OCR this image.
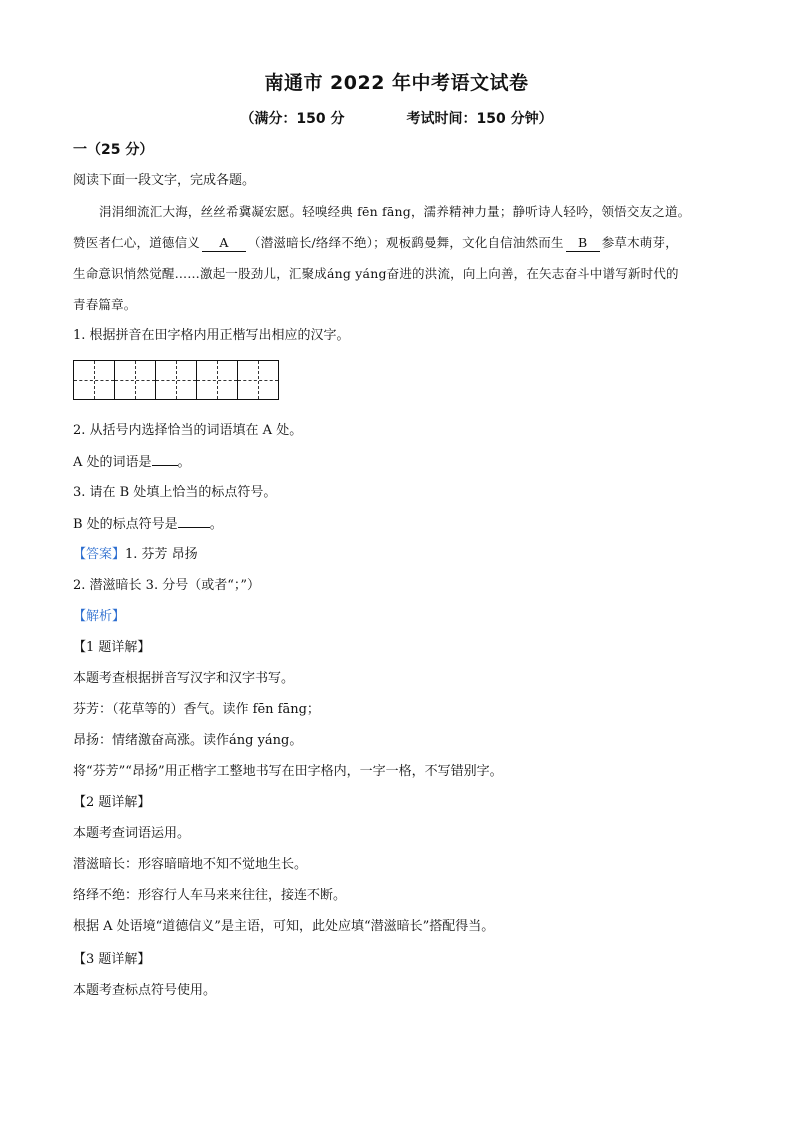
南通市 2022 年中考语文试卷
（满分：150 分	考试时间：150 分钟）
一（25 分）
阅读下面一段文字，完成各题。
涓涓细流汇大海，丝丝希冀凝宏愿。轻嗅经典 fēn fāng，濡养精神力量；静听诗人轻吟，领悟交友之道。
赞医者仁心，道德信义 A （潜滋暗长/络绎不绝）；观板鹞曼舞，文化自信油然而生 B 参草木萌芽，
生命意识悄然觉醒……激起一股劲儿，汇聚成áng yáng奋进的洪流，向上向善，在矢志奋斗中谱写新时代的
青春篇章。
1. 根据拼音在田字格内用正楷写出相应的汉字。
2. 从括号内选择恰当的词语填在 A 处。
A 处的词语是 。
3. 请在 B 处填上恰当的标点符号。
B 处的标点符号是 。
【答案】1. 芬芳 昂扬
2. 潜滋暗长 3. 分号（或者“；”）
【解析】
【1 题详解】
本题考查根据拼音写汉字和汉字书写。
芬芳：（花草等的）香气。读作 fēn fāng；
昂扬：情绪激奋高涨。读作áng yáng。
将“芬芳”“昂扬”用正楷字工整地书写在田字格内，一字一格，不写错别字。
【2 题详解】
本题考查词语运用。
潜滋暗长：形容暗暗地不知不觉地生长。
络绎不绝：形容行人车马来来往往，接连不断。
根据 A 处语境“道德信义”是主语，可知，此处应填“潜滋暗长”搭配得当。
【3 题详解】
本题考查标点符号使用。
